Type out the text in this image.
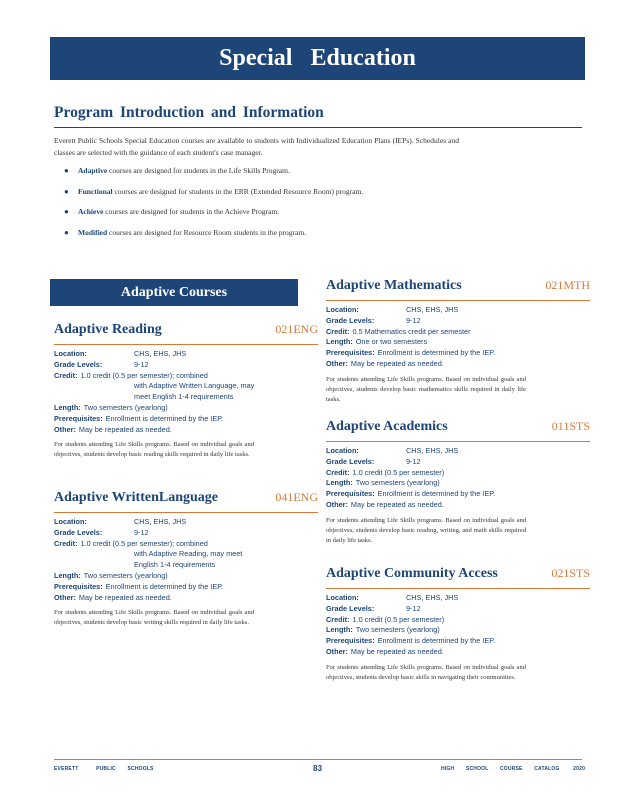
Special Education
Program Introduction and Information
Everett Public Schools Special Education courses are available to students with Individualized Education Plans (IEPs). Schedules and classes are selected with the guidance of each student's case manager.
● Adaptive courses are designed for students in the Life Skills Program.
● Functional courses are designed for students in the ERR (Extended Resource Room) program.
● Achieve courses are designed for students in the Achieve Program.
● Modified courses are designed for Resource Room students in the program.
Adaptive Courses
Adaptive Reading	021ENG
Location:	CHS, EHS, JHS
Grade Levels:	9-12
Credit: 1.0 credit (0.5 per semester); combined
with Adaptive Written Language, may
meet English 1-4 requirements
Length: Two semesters (yearlong)
Prerequisites: Enrollment is determined by the IEP.
Other: May be repeated as needed.
For students attending Life Skills programs. Based on individual goals and objectives, students develop basic reading skills required in daily life tasks.
Adaptive WrittenLanguage	041ENG
Location:	CHS, EHS, JHS
Grade Levels:	9-12
Credit: 1.0 credit (0.5 per semester); combined
with Adaptive Reading, may meet
English 1-4 requirements
Length: Two semesters (yearlong)
Prerequisites: Enrollment is determined by the IEP.
Other: May be repeated as needed.
For students attending Life Skills programs. Based on individual goals and objectives, students develop basic writing skills required in daily life tasks.
Adaptive Mathematics	021MTH
Location:	CHS, EHS, JHS
Grade Levels:	9-12
Credit: 0.5 Mathematics credit per semester
Length: One or two semesters
Prerequisites: Enrollment is determined by the IEP.
Other: May be repeated as needed.
For students attending Life Skills programs. Based on individual goals and objectives, students develop basic mathematics skills required in daily life tasks.
Adaptive Academics	011STS
Location:	CHS, EHS, JHS
Grade Levels:	9-12
Credit: 1.0 credit (0.5 per semester)
Length: Two semesters (yearlong)
Prerequisites: Enrollment is determined by the IEP.
Other: May be repeated as needed.
For students attending Life Skills programs. Based on individual goals and objectives, students develop basic reading, writing, and math skills required in daily life tasks.
Adaptive Community Access	021STS
Location:	CHS, EHS, JHS
Grade Levels:	9-12
Credit: 1.0 credit (0.5 per semester)
Length: Two semesters (yearlong)
Prerequisites: Enrollment is determined by the IEP.
Other: May be repeated as needed.
For students attending Life Skills programs. Based on individual goals and objectives, students develop basic skills in navigating their communities.
EVERETT	PUBLIC SCHOOLS	83	HIGH SCHOOL COURSE CATALOG	2020
